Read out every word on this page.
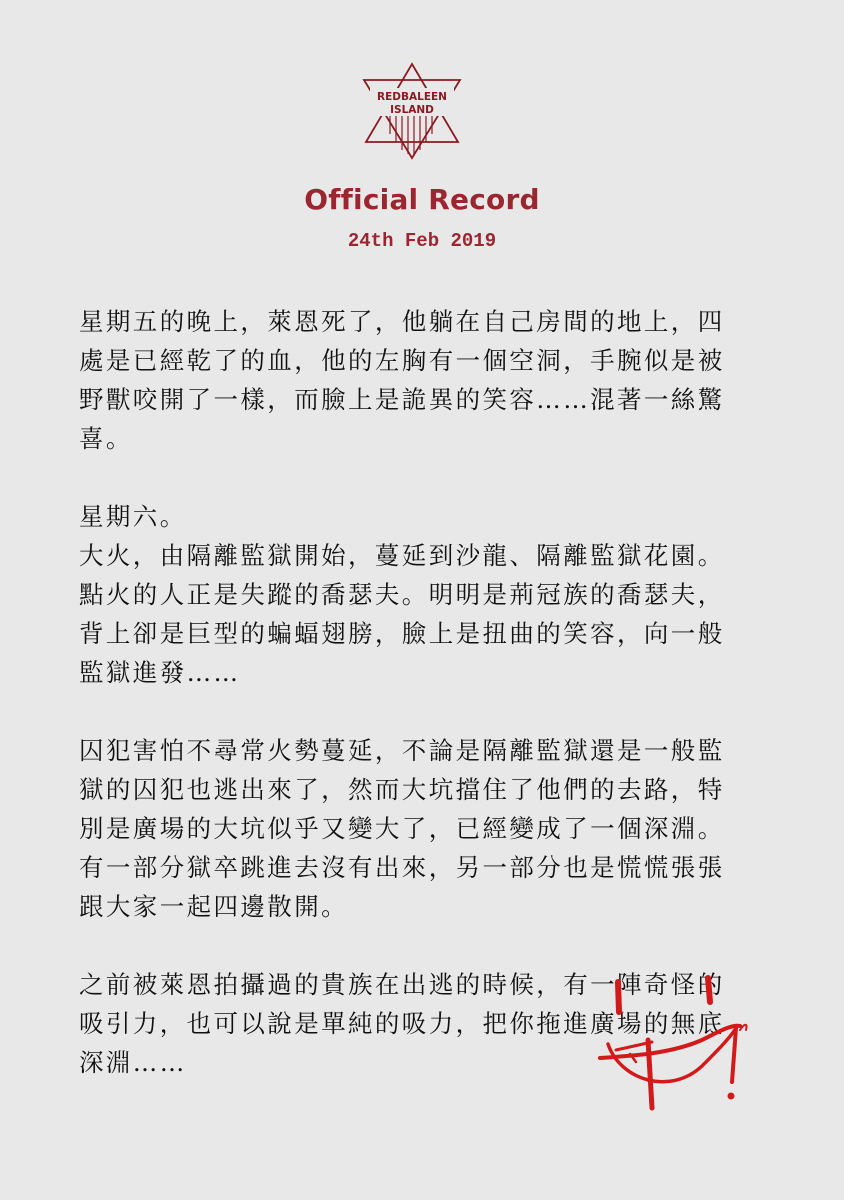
REDBALEEN
ISLAND
Official Record
24th Feb 2019

星期五的晚上，萊恩死了，他躺在自己房間的地上，四
處是已經乾了的血，他的左胸有一個空洞，手腕似是被
野獸咬開了一樣，而臉上是詭異的笑容……混著一絲驚
喜。

星期六。
大火，由隔離監獄開始，蔓延到沙龍、隔離監獄花園。
點火的人正是失蹤的喬瑟夫。明明是荊冠族的喬瑟夫，
背上卻是巨型的蝙蝠翅膀，臉上是扭曲的笑容，向一般
監獄進發……

囚犯害怕不尋常火勢蔓延，不論是隔離監獄還是一般監
獄的囚犯也逃出來了，然而大坑擋住了他們的去路，特
別是廣場的大坑似乎又變大了，已經變成了一個深淵。
有一部分獄卒跳進去沒有出來，另一部分也是慌慌張張
跟大家一起四邊散開。

之前被萊恩拍攝過的貴族在出逃的時候，有一陣奇怪的
吸引力，也可以說是單純的吸力，把你拖進廣場的無底
深淵……
